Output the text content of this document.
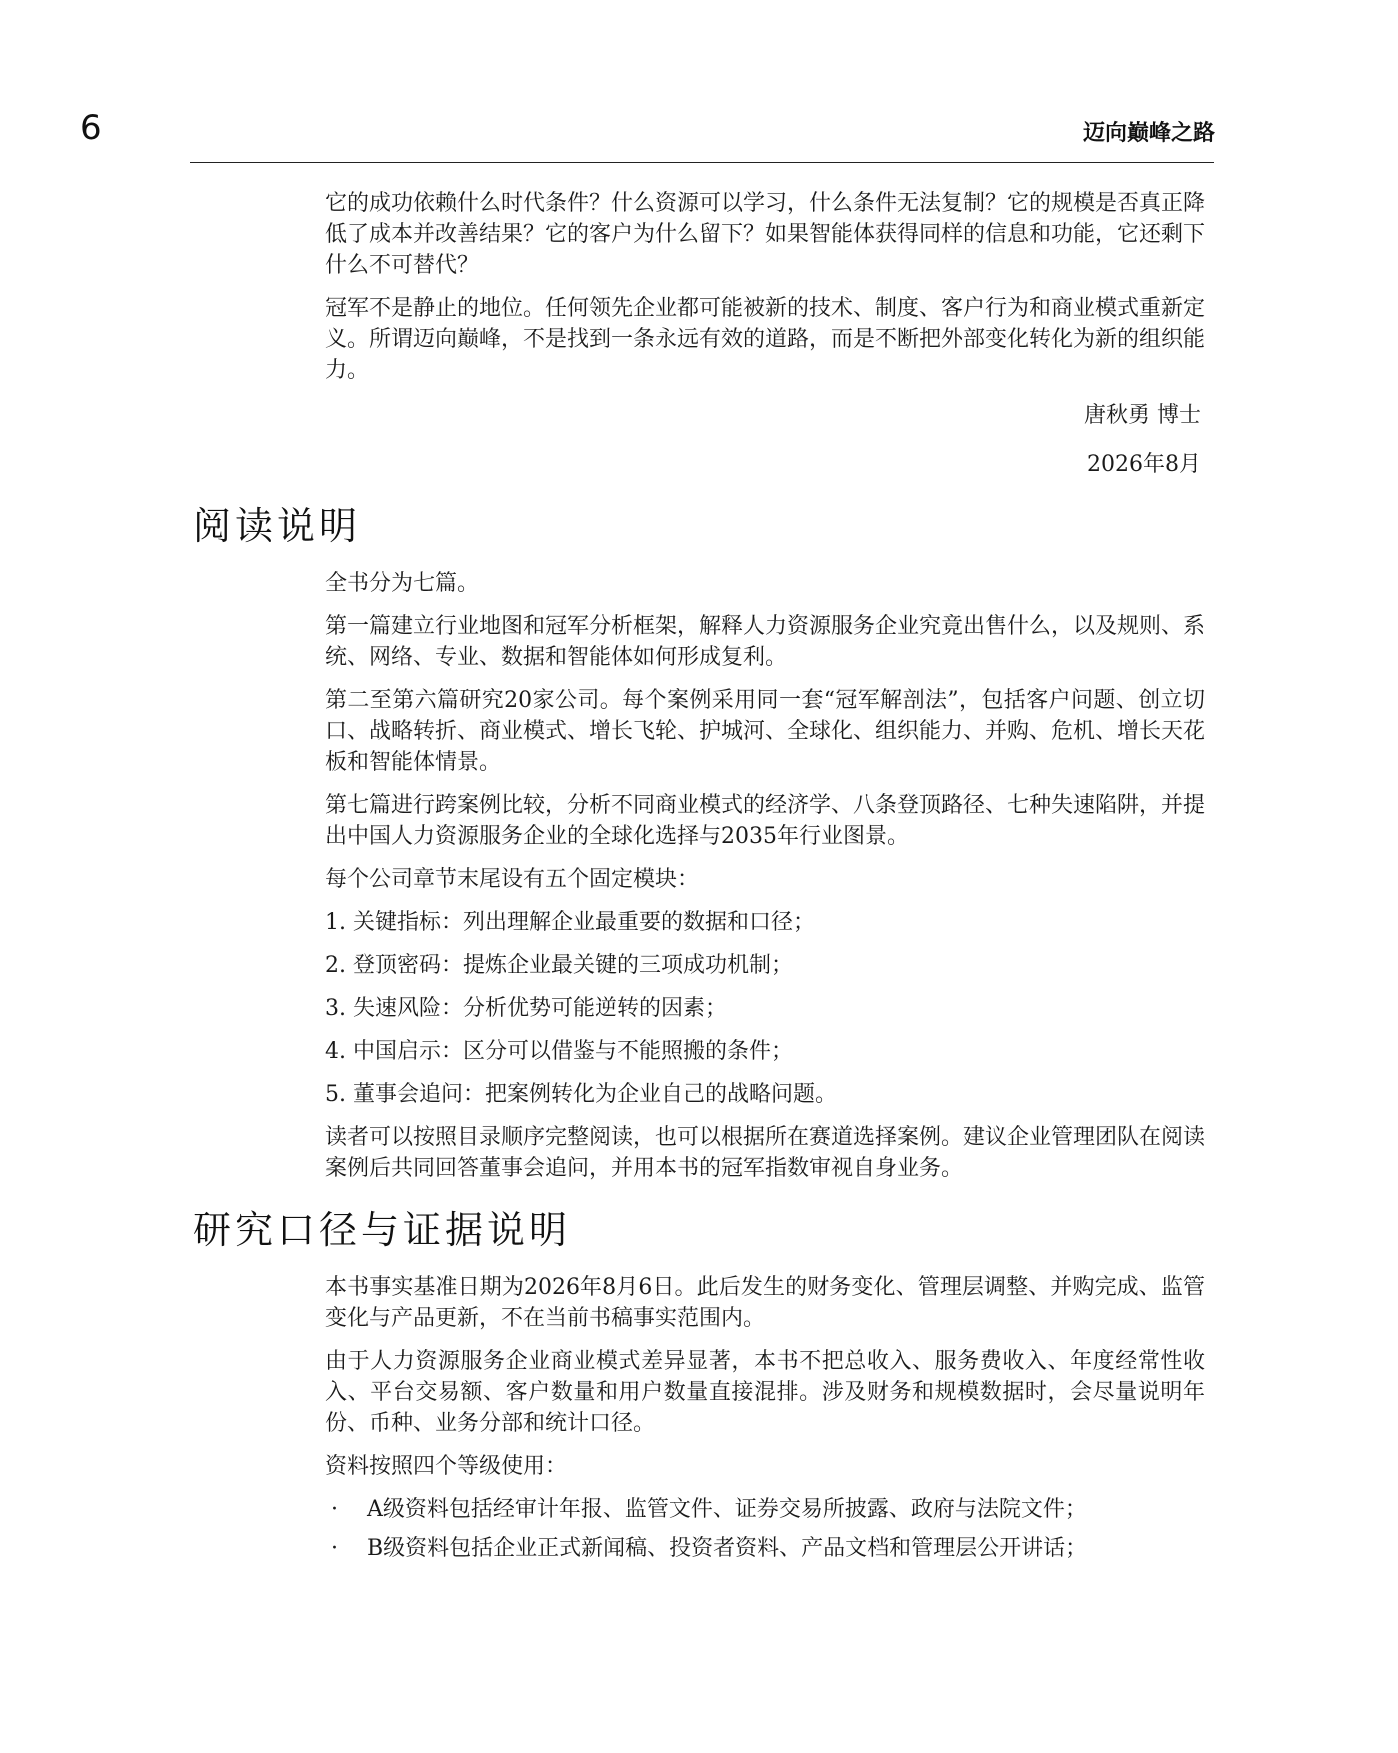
6	迈向巅峰之路

它的成功依赖什么时代条件？什么资源可以学习，什么条件无法复制？它的规模是否真正降低了成本并改善结果？它的客户为什么留下？如果智能体获得同样的信息和功能，它还剩下什么不可替代？

冠军不是静止的地位。任何领先企业都可能被新的技术、制度、客户行为和商业模式重新定义。所谓迈向巅峰，不是找到一条永远有效的道路，而是不断把外部变化转化为新的组织能力。

唐秋勇 博士

2026年8月

阅读说明

全书分为七篇。

第一篇建立行业地图和冠军分析框架，解释人力资源服务企业究竟出售什么，以及规则、系统、网络、专业、数据和智能体如何形成复利。

第二至第六篇研究20家公司。每个案例采用同一套“冠军解剖法”，包括客户问题、创立切口、战略转折、商业模式、增长飞轮、护城河、全球化、组织能力、并购、危机、增长天花板和智能体情景。

第七篇进行跨案例比较，分析不同商业模式的经济学、八条登顶路径、七种失速陷阱，并提出中国人力资源服务企业的全球化选择与2035年行业图景。

每个公司章节末尾设有五个固定模块：

1. 关键指标：列出理解企业最重要的数据和口径；
2. 登顶密码：提炼企业最关键的三项成功机制；
3. 失速风险：分析优势可能逆转的因素；
4. 中国启示：区分可以借鉴与不能照搬的条件；
5. 董事会追问：把案例转化为企业自己的战略问题。

读者可以按照目录顺序完整阅读，也可以根据所在赛道选择案例。建议企业管理团队在阅读案例后共同回答董事会追问，并用本书的冠军指数审视自身业务。

研究口径与证据说明

本书事实基准日期为2026年8月6日。此后发生的财务变化、管理层调整、并购完成、监管变化与产品更新，不在当前书稿事实范围内。

由于人力资源服务企业商业模式差异显著，本书不把总收入、服务费收入、年度经常性收入、平台交易额、客户数量和用户数量直接混排。涉及财务和规模数据时，会尽量说明年份、币种、业务分部和统计口径。

资料按照四个等级使用：

· A级资料包括经审计年报、监管文件、证券交易所披露、政府与法院文件；
· B级资料包括企业正式新闻稿、投资者资料、产品文档和管理层公开讲话；
